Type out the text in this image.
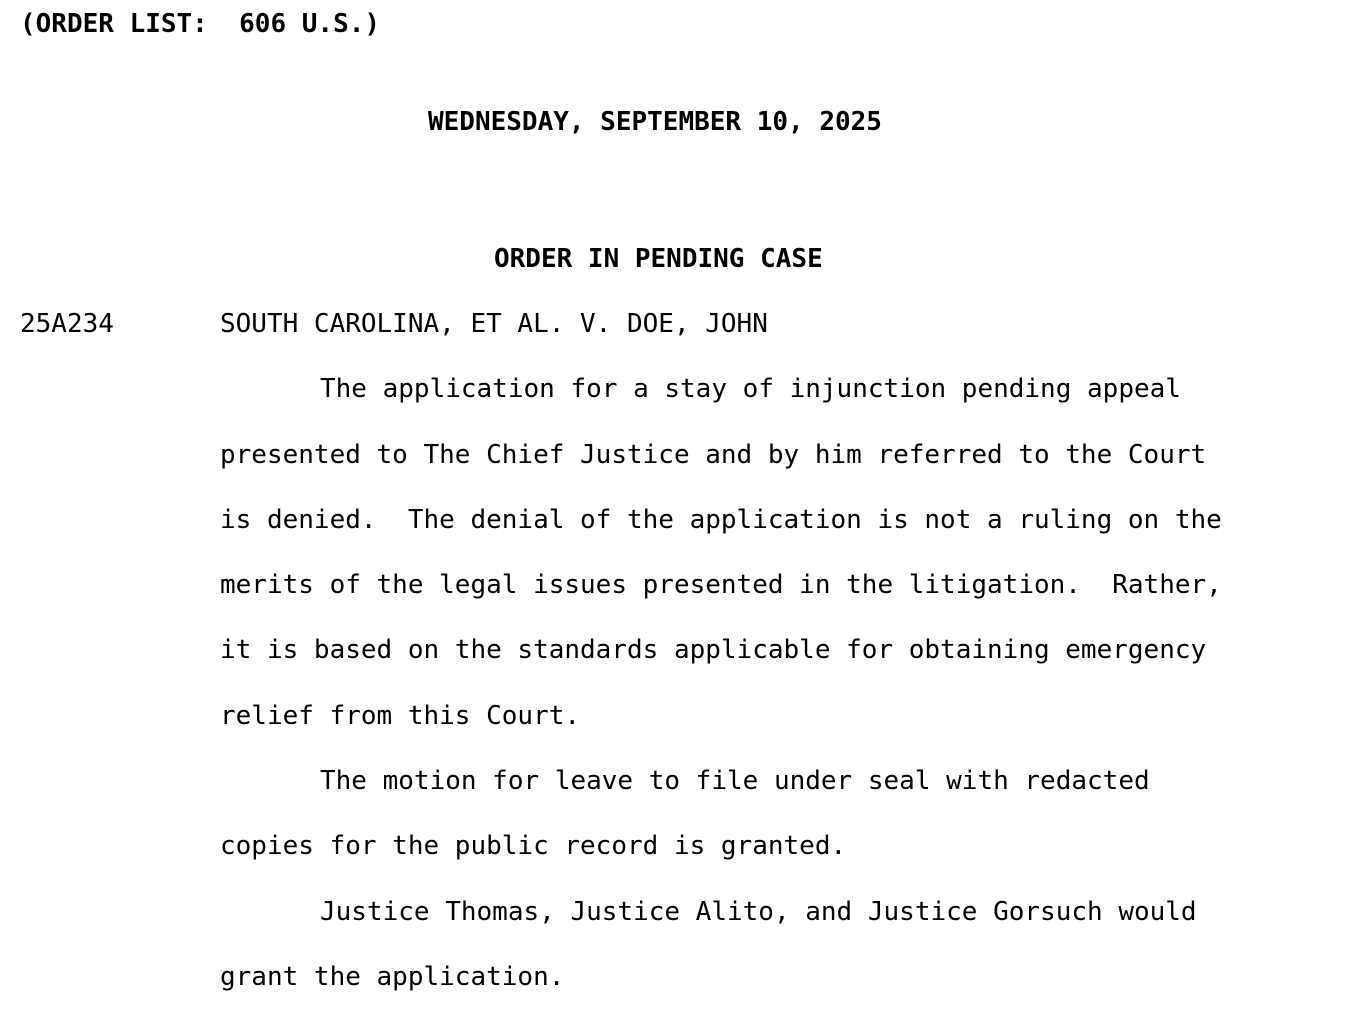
(ORDER LIST:  606 U.S.)
WEDNESDAY, SEPTEMBER 10, 2025
ORDER IN PENDING CASE
25A234	SOUTH CAROLINA, ET AL. V. DOE, JOHN
The application for a stay of injunction pending appeal
presented to The Chief Justice and by him referred to the Court
is denied.  The denial of the application is not a ruling on the
merits of the legal issues presented in the litigation.  Rather,
it is based on the standards applicable for obtaining emergency
relief from this Court.
The motion for leave to file under seal with redacted
copies for the public record is granted.
Justice Thomas, Justice Alito, and Justice Gorsuch would
grant the application.
